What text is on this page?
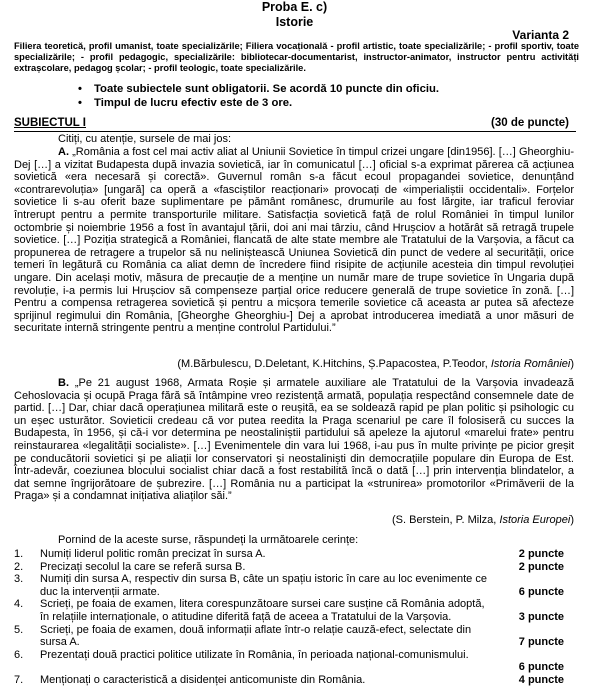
Proba E. c)
Istorie
Varianta 2
Filiera teoretică, profil umanist, toate specializările; Filiera vocațională - profil artistic, toate specializările; - profil sportiv, toate specializările; - profil pedagogic, specializările: bibliotecar-documentarist, instructor-animator, instructor pentru activități extrașcolare, pedagog școlar; - profil teologic, toate specializările.
• Toate subiectele sunt obligatorii. Se acordă 10 puncte din oficiu.
• Timpul de lucru efectiv este de 3 ore.
SUBIECTUL I	(30 de puncte)
Citiți, cu atenție, sursele de mai jos:
A. „România a fost cel mai activ aliat al Uniunii Sovietice în timpul crizei ungare [din1956]. […] Gheorghiu-Dej […] a vizitat Budapesta după invazia sovietică, iar în comunicatul […] oficial s-a exprimat părerea că acțiunea sovietică «era necesară și corectă». Guvernul român s-a făcut ecoul propagandei sovietice, denunțând «contrarevoluția» [ungară] ca operă a «fasciștilor reacționari» provocați de «imperialiștii occidentali». Forțelor sovietice li s-au oferit baze suplimentare pe pământ românesc, drumurile au fost lărgite, iar traficul feroviar întrerupt pentru a permite transporturile militare. Satisfacția sovietică față de rolul României în timpul lunilor octombrie și noiembrie 1956 a fost în avantajul țării, doi ani mai târziu, când Hrușciov a hotărât să retragă trupele sovietice. […] Poziția strategică a României, flancată de alte state membre ale Tratatului de la Varșovia, a făcut ca propunerea de retragere a trupelor să nu neliniștească Uniunea Sovietică din punct de vedere al securității, orice temeri în legătură cu România ca aliat demn de încredere fiind risipite de acțiunile acesteia din timpul revoluției ungare. Din același motiv, măsura de precauție de a menține un număr mare de trupe sovietice în Ungaria după revoluție, i-a permis lui Hrușciov să compenseze parțial orice reducere generală de trupe sovietice în zonă. […] Pentru a compensa retragerea sovietică și pentru a micșora temerile sovietice că aceasta ar putea să afecteze sprijinul regimului din România, [Gheorghe Gheorghiu-] Dej a aprobat introducerea imediată a unor măsuri de securitate internă stringente pentru a menține controlul Partidului.”
(M.Bărbulescu, D.Deletant, K.Hitchins, Ș.Papacostea, P.Teodor, Istoria României)
B. „Pe 21 august 1968, Armata Roșie și armatele auxiliare ale Tratatului de la Varșovia invadează Cehoslovacia și ocupă Praga fără să întâmpine vreo rezistență armată, populația respectând consemnele date de partid. […] Dar, chiar dacă operațiunea militară este o reușită, ea se soldează rapid pe plan politic și psihologic cu un eșec usturător. Sovieticii credeau că vor putea reedita la Praga scenariul pe care îl folosiseră cu succes la Budapesta, în 1956, și că-i vor determina pe neostaliniștii partidului să apeleze la ajutorul «marelui frate» pentru reinstaurarea «legalității socialiste». […] Evenimentele din vara lui 1968, i-au pus în multe privințe pe picior greșit pe conducătorii sovietici și pe aliații lor conservatori și neostaliniști din democrațiile populare din Europa de Est. Într-adevăr, coeziunea blocului socialist chiar dacă a fost restabilită încă o dată […] prin intervenția blindatelor, a dat semne îngrijorătoare de șubrezire. […] România nu a participat la «strunirea» promotorilor «Primăverii de la Praga» și a condamnat inițiativa aliaților săi.”
(S. Berstein, P. Milza, Istoria Europei)
Pornind de la aceste surse, răspundeți la următoarele cerințe:
1. Numiți liderul politic român precizat în sursa A.	2 puncte
2. Precizați secolul la care se referă sursa B.	2 puncte
3. Numiți din sursa A, respectiv din sursa B, câte un spațiu istoric în care au loc evenimente ce duc la intervenții armate.	6 puncte
4. Scrieți, pe foaia de examen, litera corespunzătoare sursei care susține că România adoptă, în relațiile internaționale, o atitudine diferită față de aceea a Tratatului de la Varșovia.	3 puncte
5. Scrieți, pe foaia de examen, două informații aflate într-o relație cauză-efect, selectate din sursa A.	7 puncte
6. Prezentați două practici politice utilizate în România, în perioada național-comunismului.
6 puncte
7. Menționați o caracteristică a disidenței anticomuniste din România.	4 puncte
